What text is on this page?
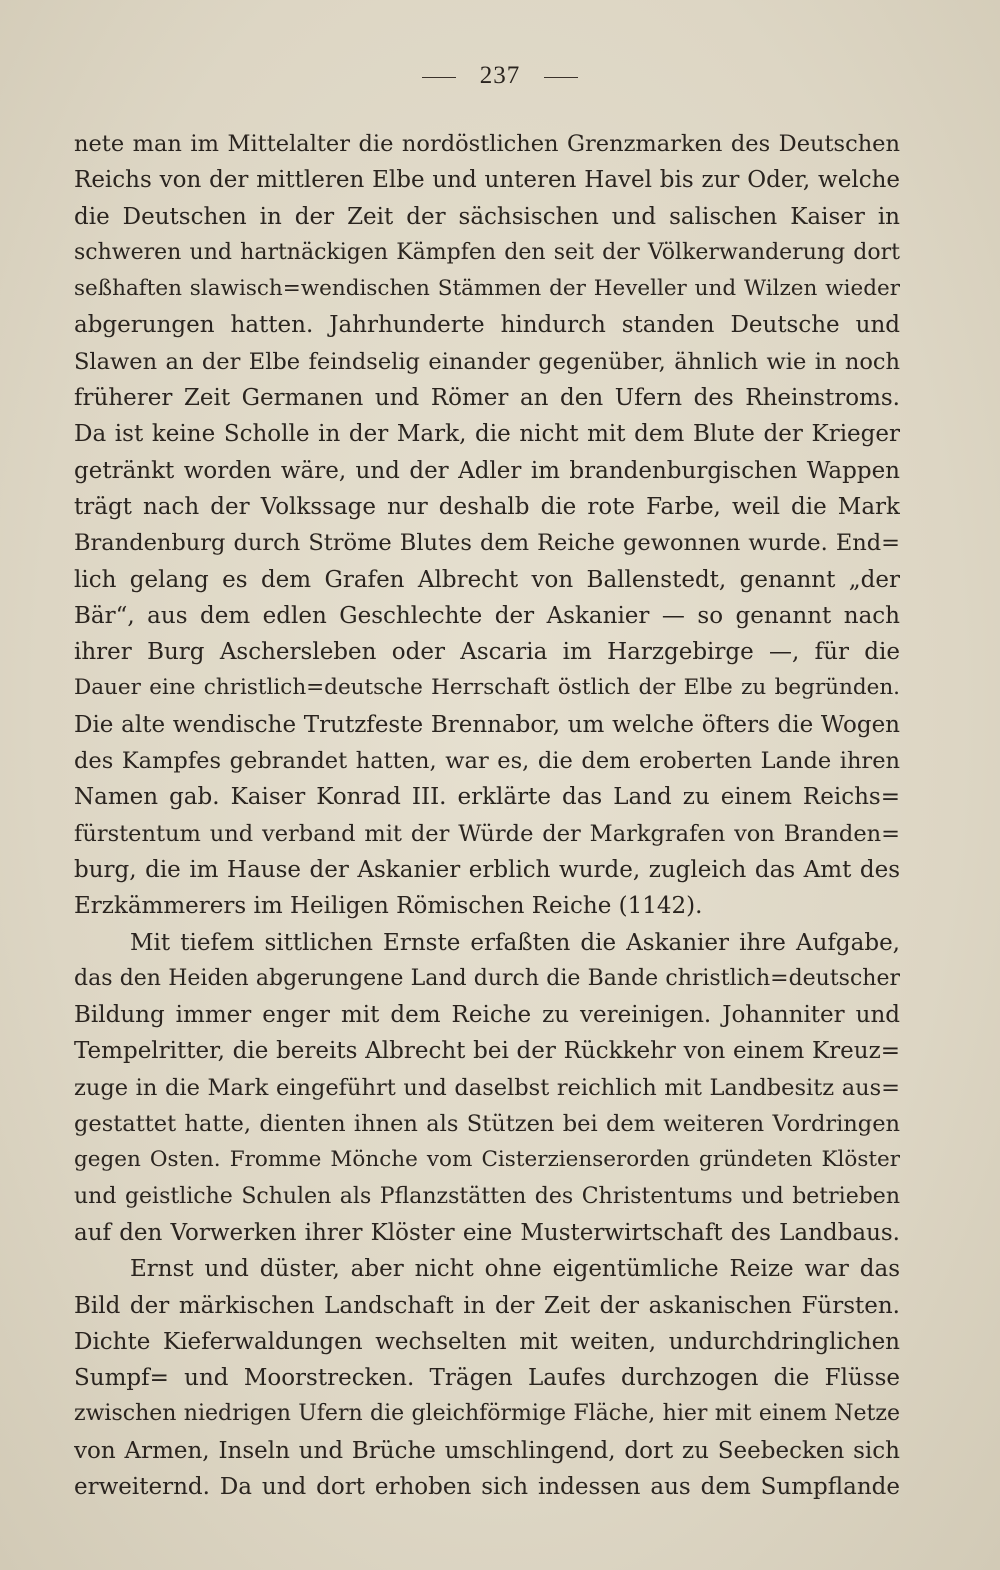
237
nete man im Mittelalter die nordöstlichen Grenzmarken des Deutschen
Reichs von der mittleren Elbe und unteren Havel bis zur Oder, welche
die Deutschen in der Zeit der sächsischen und salischen Kaiser in
schweren und hartnäckigen Kämpfen den seit der Völkerwanderung dort
seßhaften slawisch=wendischen Stämmen der Heveller und Wilzen wieder
abgerungen hatten. Jahrhunderte hindurch standen Deutsche und
Slawen an der Elbe feindselig einander gegenüber, ähnlich wie in noch
früherer Zeit Germanen und Römer an den Ufern des Rheinstroms.
Da ist keine Scholle in der Mark, die nicht mit dem Blute der Krieger
getränkt worden wäre, und der Adler im brandenburgischen Wappen
trägt nach der Volkssage nur deshalb die rote Farbe, weil die Mark
Brandenburg durch Ströme Blutes dem Reiche gewonnen wurde. End=
lich gelang es dem Grafen Albrecht von Ballenstedt, genannt „der
Bär“, aus dem edlen Geschlechte der Askanier — so genannt nach
ihrer Burg Aschersleben oder Ascaria im Harzgebirge —, für die
Dauer eine christlich=deutsche Herrschaft östlich der Elbe zu begründen.
Die alte wendische Trutzfeste Brennabor, um welche öfters die Wogen
des Kampfes gebrandet hatten, war es, die dem eroberten Lande ihren
Namen gab. Kaiser Konrad III. erklärte das Land zu einem Reichs=
fürstentum und verband mit der Würde der Markgrafen von Branden=
burg, die im Hause der Askanier erblich wurde, zugleich das Amt des
Erzkämmerers im Heiligen Römischen Reiche (1142).
Mit tiefem sittlichen Ernste erfaßten die Askanier ihre Aufgabe,
das den Heiden abgerungene Land durch die Bande christlich=deutscher
Bildung immer enger mit dem Reiche zu vereinigen. Johanniter und
Tempelritter, die bereits Albrecht bei der Rückkehr von einem Kreuz=
zuge in die Mark eingeführt und daselbst reichlich mit Landbesitz aus=
gestattet hatte, dienten ihnen als Stützen bei dem weiteren Vordringen
gegen Osten. Fromme Mönche vom Cisterzienserorden gründeten Klöster
und geistliche Schulen als Pflanzstätten des Christentums und betrieben
auf den Vorwerken ihrer Klöster eine Musterwirtschaft des Landbaus.
Ernst und düster, aber nicht ohne eigentümliche Reize war das
Bild der märkischen Landschaft in der Zeit der askanischen Fürsten.
Dichte Kieferwaldungen wechselten mit weiten, undurchdringlichen
Sumpf= und Moorstrecken. Trägen Laufes durchzogen die Flüsse
zwischen niedrigen Ufern die gleichförmige Fläche, hier mit einem Netze
von Armen, Inseln und Brüche umschlingend, dort zu Seebecken sich
erweiternd. Da und dort erhoben sich indessen aus dem Sumpflande
